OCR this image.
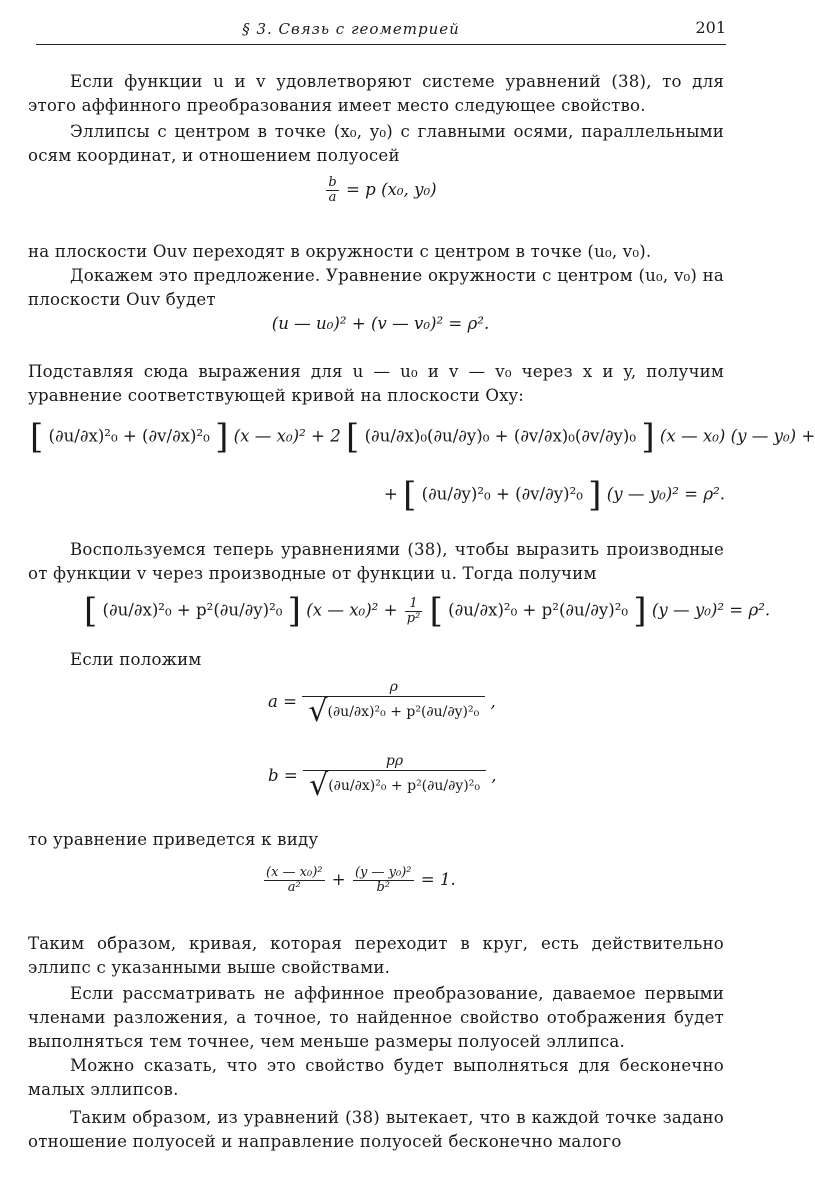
§ 3. Связь с геометрией	201
Если функции u и v удовлетворяют системе уравнений (38), то для этого аффинного преобразования имеет место следующее свойство.
Эллипсы с центром в точке (x₀, y₀) с главными осями, параллельными осям координат, и отношением полуосей
$\frac{b}{a} = p$ (x₀, y₀)
на плоскости Ouv переходят в окружности с центром в точке (u₀, v₀).
Докажем это предложение. Уравнение окружности с центром (u₀, v₀) на плоскости Ouv будет
(u — u₀)² + (v — v₀)² = ρ².
Подставляя сюда выражения для u — u₀ и v — v₀ через x и y, получим уравнение соответствующей кривой на плоскости Oxy:
[ (∂u/∂x)²₀ + (∂v/∂x)²₀ ] (x — x₀)² + 2 [ (∂u/∂x)₀(∂u/∂y)₀ + (∂v/∂x)₀(∂v/∂y)₀ ] (x — x₀) (y — y₀) +
+ [ (∂u/∂y)²₀ + (∂v/∂y)²₀ ] (y — y₀)² = ρ².
Воспользуемся теперь уравнениями (38), чтобы выразить производные от функции v через производные от функции u. Тогда получим
[ (∂u/∂x)²₀ + p²(∂u/∂y)²₀ ] (x — $x_0)^2 + \frac{1}{\text{p²}}$ [ (∂u/∂x)²₀ + p²(∂u/∂y)²₀ ] (y — y₀)² = ρ².
Если положим
$a = \frac{\rho}{\text{√(∂u/∂x)²₀ + p²(∂u/∂y)²₀}}$ ,
$b = \frac{p\rho}{\text{√(∂u/∂x)²₀ + p²(∂u/∂y)²₀}}$ ,
то уравнение приведется к виду
$\frac{\text{(x — x₀)²}}{\text{a²}} + \frac{\text{(y — y₀)²}}{\text{b²}} = 1$.
Таким образом, кривая, которая переходит в круг, есть действительно эллипс с указанными выше свойствами.
Если рассматривать не аффинное преобразование, даваемое первыми членами разложения, а точное, то найденное свойство отображения будет выполняться тем точнее, чем меньше размеры полуосей эллипса.
Можно сказать, что это свойство будет выполняться для бесконечно малых эллипсов.
Таким образом, из уравнений (38) вытекает, что в каждой точке задано отношение полуосей и направление полуосей бесконечно малого
